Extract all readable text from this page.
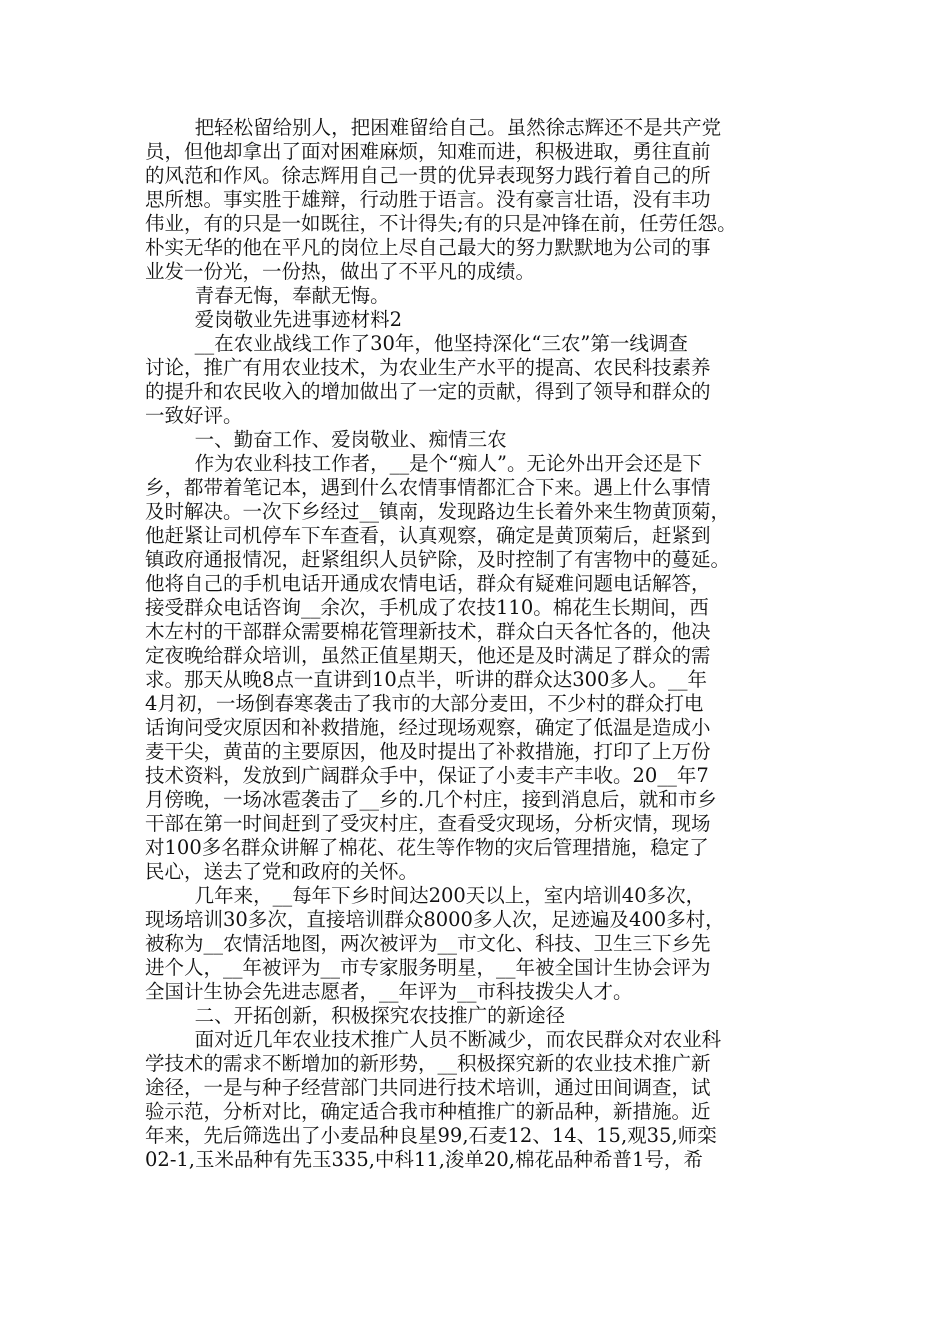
把轻松留给别人，把困难留给自己。虽然徐志辉还不是共产党

员，但他却拿出了面对困难麻烦，知难而进，积极进取，勇往直前

的风范和作风。徐志辉用自己一贯的优异表现努力践行着自己的所

思所想。事实胜于雄辩，行动胜于语言。没有豪言壮语，没有丰功

伟业，有的只是一如既往，不计得失;有的只是冲锋在前，任劳任怨。

朴实无华的他在平凡的岗位上尽自己最大的努力默默地为公司的事

业发一份光，一份热，做出了不平凡的成绩。

青春无悔，奉献无悔。

爱岗敬业先进事迹材料2

__在农业战线工作了30年，他坚持深化“三农”第一线调查

讨论，推广有用农业技术，为农业生产水平的提高、农民科技素养

的提升和农民收入的增加做出了一定的贡献，得到了领导和群众的

一致好评。

一、勤奋工作、爱岗敬业、痴情三农

作为农业科技工作者，__是个“痴人”。无论外出开会还是下

乡，都带着笔记本，遇到什么农情事情都汇合下来。遇上什么事情

及时解决。一次下乡经过__镇南，发现路边生长着外来生物黄顶菊，

他赶紧让司机停车下车查看，认真观察，确定是黄顶菊后，赶紧到

镇政府通报情况，赶紧组织人员铲除，及时控制了有害物中的蔓延。

他将自己的手机电话开通成农情电话，群众有疑难问题电话解答，

接受群众电话咨询__余次，手机成了农技110。棉花生长期间，西

木左村的干部群众需要棉花管理新技术，群众白天各忙各的，他决

定夜晚给群众培训，虽然正值星期天，他还是及时满足了群众的需

求。那天从晚8点一直讲到10点半，听讲的群众达300多人。__年

4月初，一场倒春寒袭击了我市的大部分麦田，不少村的群众打电

话询问受灾原因和补救措施，经过现场观察，确定了低温是造成小

麦干尖，黄苗的主要原因，他及时提出了补救措施，打印了上万份

技术资料，发放到广阔群众手中，保证了小麦丰产丰收。20__年7

月傍晚，一场冰雹袭击了__乡的.几个村庄，接到消息后，就和市乡

干部在第一时间赶到了受灾村庄，查看受灾现场，分析灾情，现场

对100多名群众讲解了棉花、花生等作物的灾后管理措施，稳定了

民心，送去了党和政府的关怀。

几年来，__每年下乡时间达200天以上，室内培训40多次，

现场培训30多次，直接培训群众8000多人次，足迹遍及400多村，

被称为__农情活地图，两次被评为__市文化、科技、卫生三下乡先

进个人，__年被评为__市专家服务明星，__年被全国计生协会评为

全国计生协会先进志愿者，__年评为__市科技拨尖人才。

二、开拓创新，积极探究农技推广的新途径

面对近几年农业技术推广人员不断减少，而农民群众对农业科

学技术的需求不断增加的新形势，__积极探究新的农业技术推广新

途径，一是与种子经营部门共同进行技术培训，通过田间调查，试

验示范，分析对比，确定适合我市种植推广的新品种，新措施。近

年来，先后筛选出了小麦品种良星99,石麦12、14、15,观35,师栾

02-1,玉米品种有先玉335,中科11,浚单20,棉花品种希普1号，希
